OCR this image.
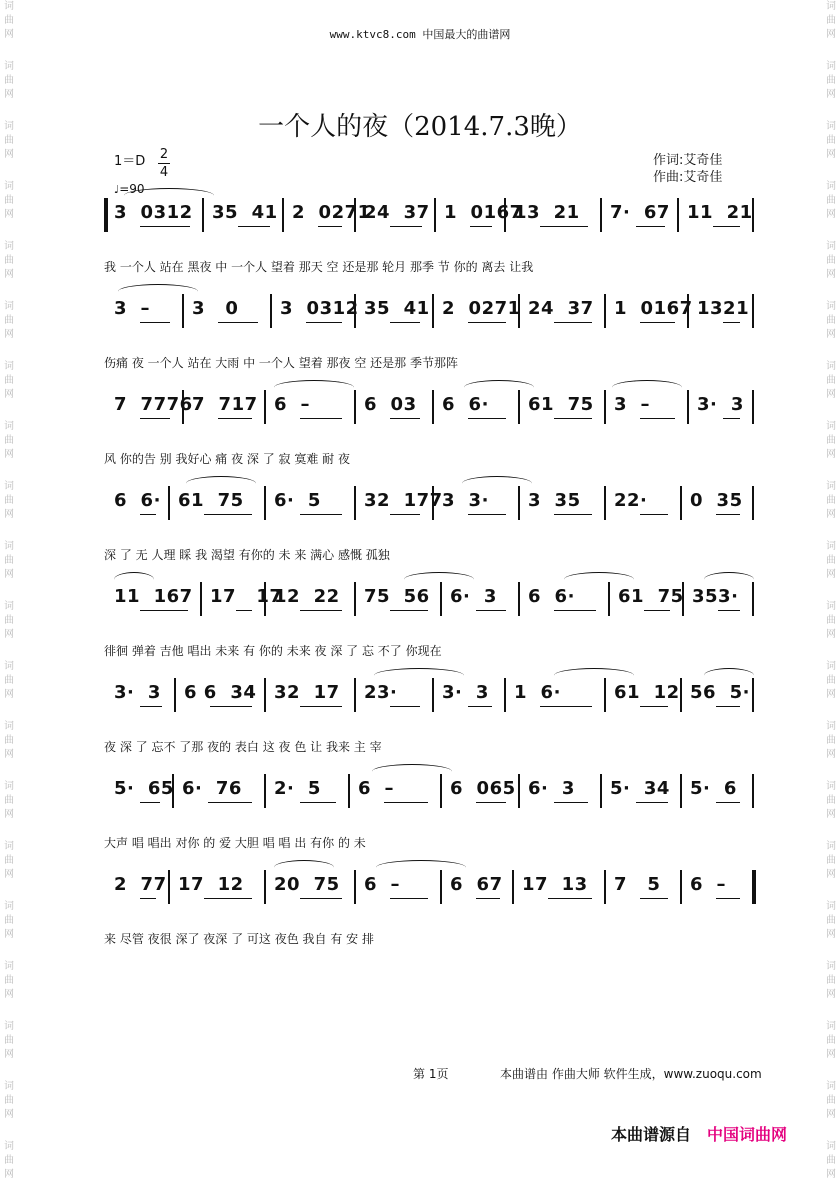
词
曲
网
词
曲
网
词
曲
网
词
曲
网
词
曲
网
词
曲
网
词
曲
网
词
曲
网
词
曲
网
词
曲
网
词
曲
网
词
曲
网
词
曲
网
词
曲
网
词
曲
网
词
曲
网
词
曲
网
词
曲
网
词
曲
网
词
曲
网
词
曲
网
词
曲
网
词
曲
网
词
曲
网
词
曲
网
词
曲
网
词
曲
网
词
曲
网
词
曲
网
词
曲
网
词
曲
网
词
曲
网
词
曲
网
词
曲
网
词
曲
网
词
曲
网
词
曲
网
词
曲
网
词
曲
网
词
曲
网
www.ktvc8.com 中国最大的曲谱网
一个人的夜（2014.7.3晚）
$1=D \frac{2}{4}$
♩=90
作词:艾奇佳
作曲:艾奇佳
3  0312 35  41 2  0271
24  37 1  0167
13  21 7·  67 11  21
我 一个人 站在 黑夜 中 一个人 望着 那天 空 还是那 轮月 那季 节 你的 离去 让我
3  – 3   0 3  0312 35  41 2  0271 24  37 1  0167 1321
伤痛 夜 一个人 站在 大雨 中 一个人 望着 那夜 空 还是那 季节那阵
7  7776 7  717 6  –	6  03 6  6· 61  75 3  –	3·  3
风 你的告 别 我好心 痛 夜 深 了 寂 寞难 耐 夜
6  6· 61  75 6·  5 32  177 3  3· 3  35 22· 0  35
深 了 无 人理 睬 我 渴望 有你的 未 来 满心 感慨 孤独
11  167 17   17
12  22 75  56 6·  3 6  6· 61  75 353·
徘徊 弹着 吉他 唱出 未来 有 你的 未来 夜 深 了 忘 不了 你现在
3·  3 6 6  34 32  17 23· 3·  3 1  6·	61  12 56  5·
夜 深 了 忘不 了那 夜的 表白 这 夜 色 让 我来 主 宰
5·  65 6·  76 2·  5 6  –	6  065 6·  3 5·  34 5·  6
大声 唱 唱出 对你 的 爱 大胆 唱 唱 出 有你 的 未
2  77 17  12 20  75 6  –	6  67 17  13 7   5 6  –
来 尽管 夜很 深了 夜深 了 可这 夜色 我自 有 安 排
第 1页	本曲谱由 作曲大师 软件生成，www.zuoqu.com
本曲谱源自 中国词曲网
